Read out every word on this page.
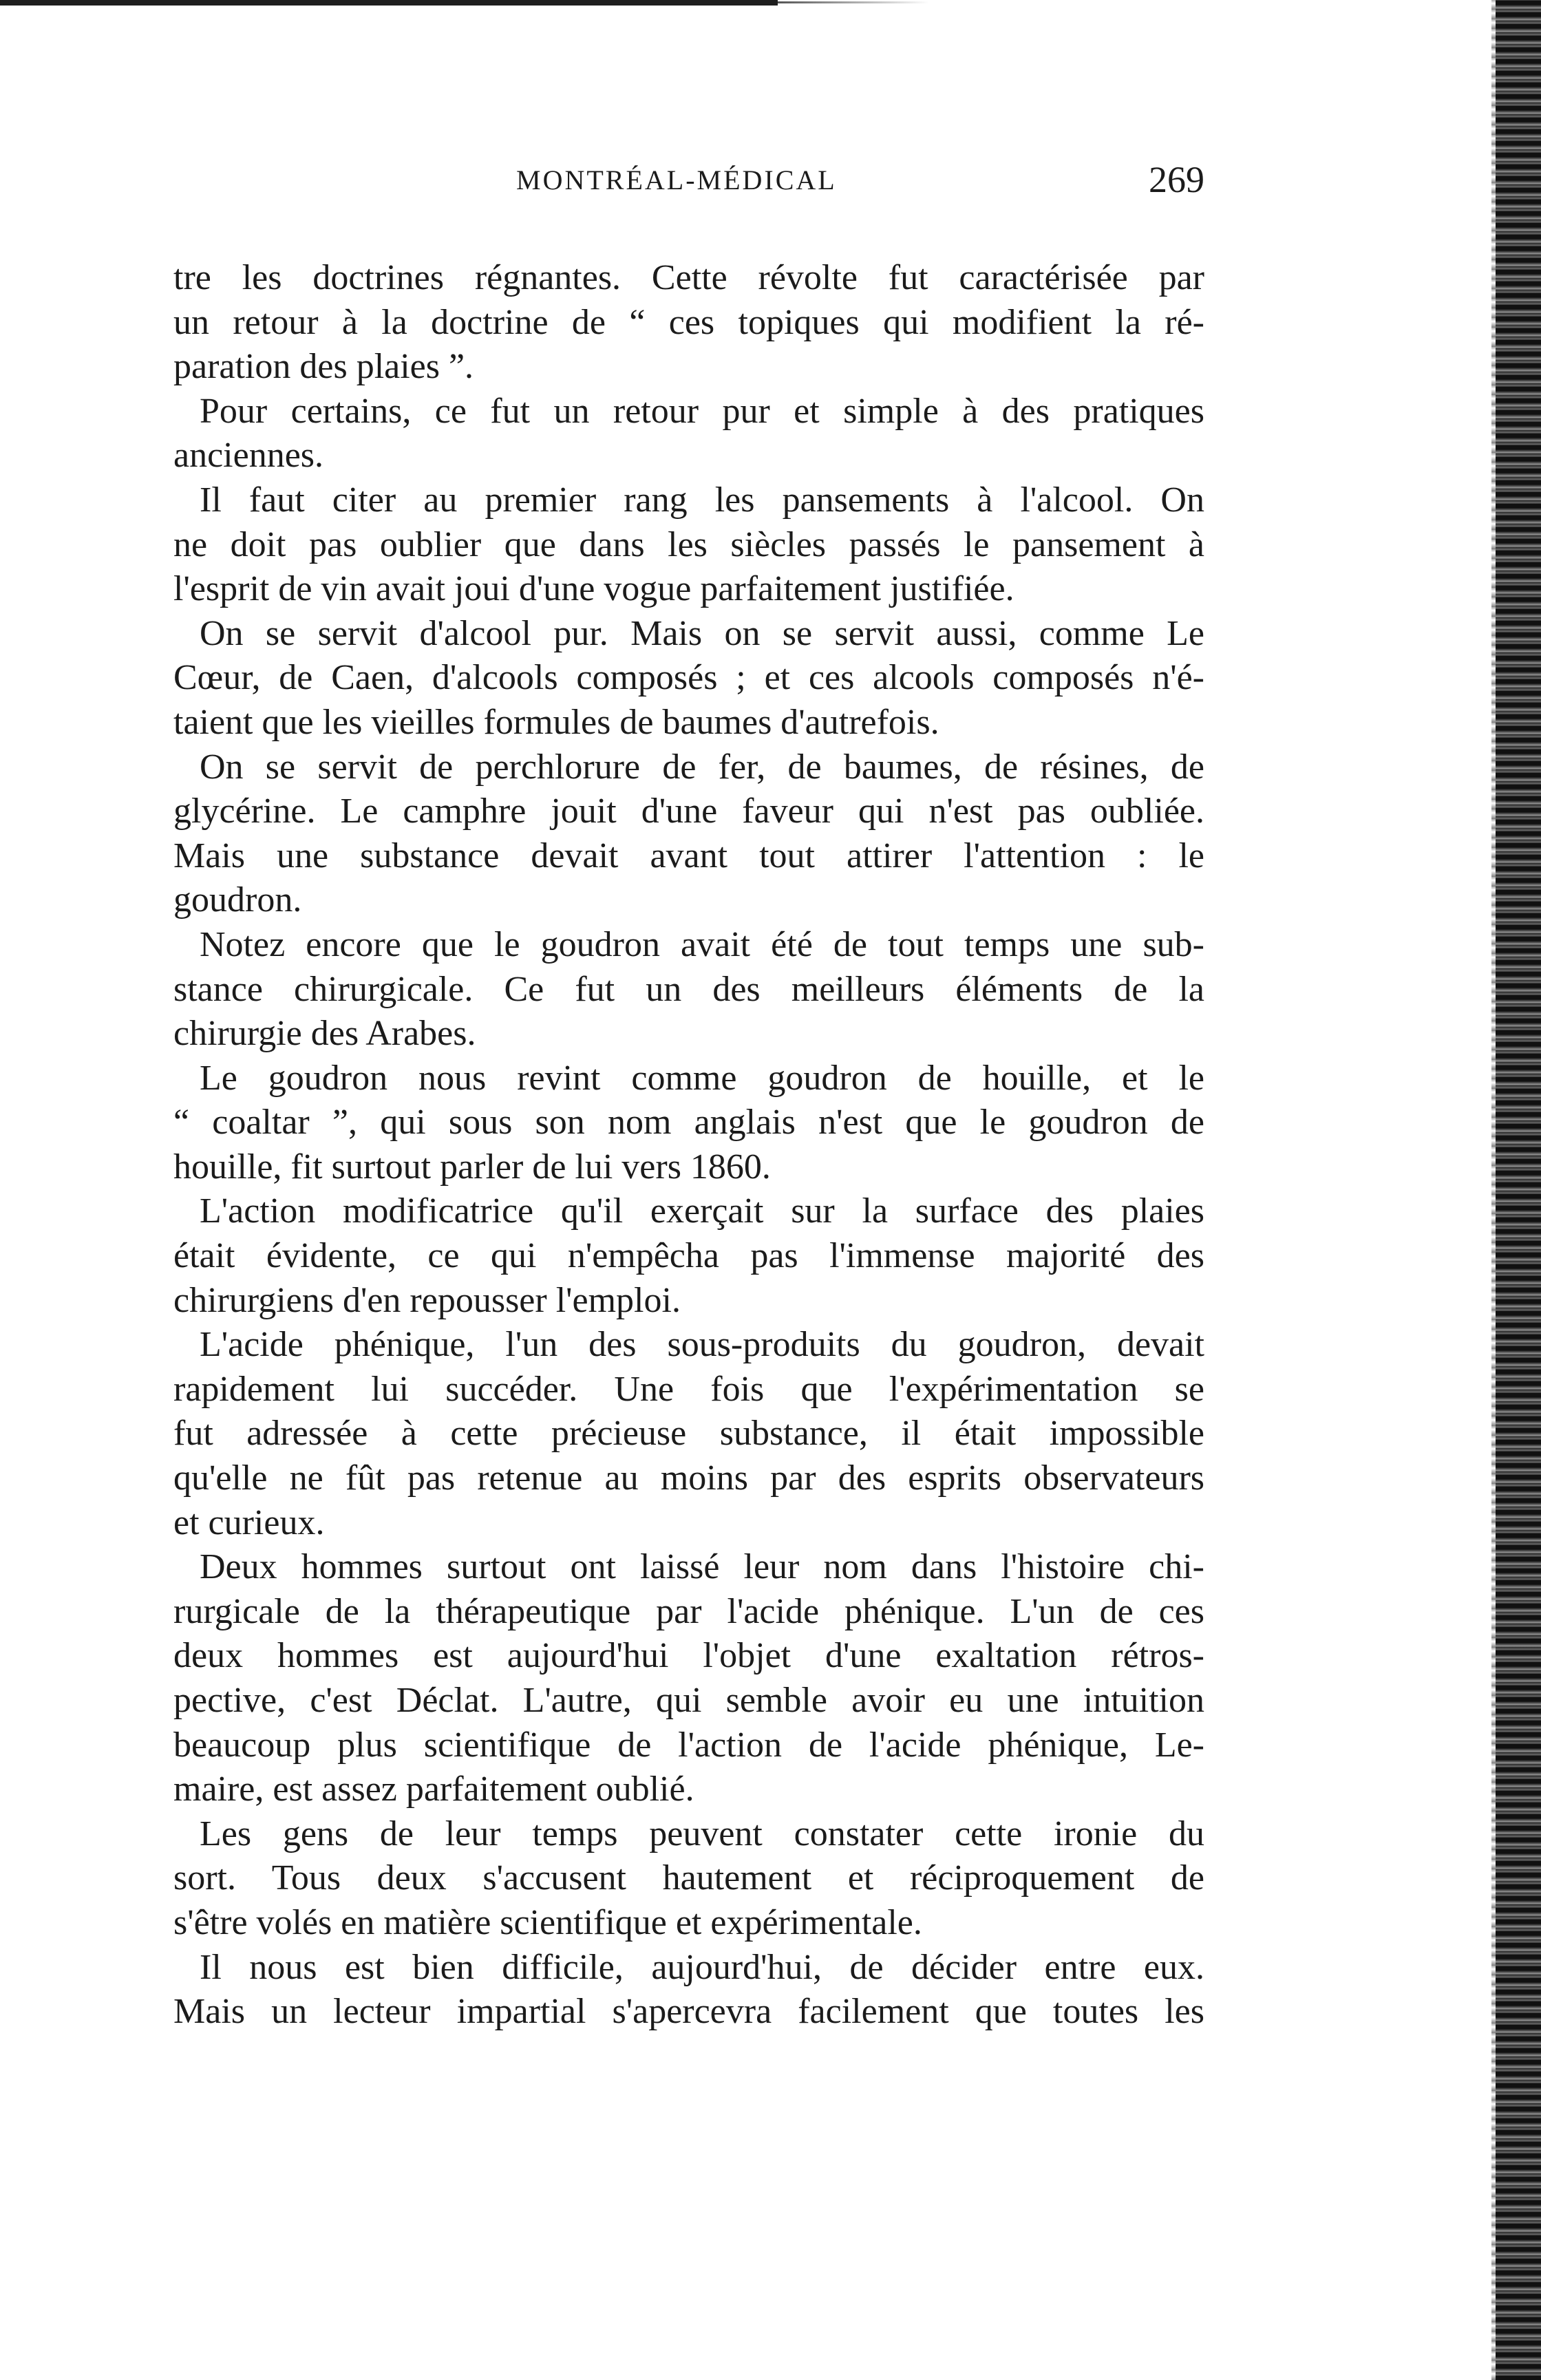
MONTRÉAL-MÉDICAL	269
tre les doctrines régnantes. Cette révolte fut caractérisée par
un retour à la doctrine de “ ces topiques qui modifient la ré-
paration des plaies ”.
Pour certains, ce fut un retour pur et simple à des pratiques
anciennes.
Il faut citer au premier rang les pansements à l'alcool. On
ne doit pas oublier que dans les siècles passés le pansement à
l'esprit de vin avait joui d'une vogue parfaitement justifiée.
On se servit d'alcool pur. Mais on se servit aussi, comme Le
Cœur, de Caen, d'alcools composés ; et ces alcools composés n'é-
taient que les vieilles formules de baumes d'autrefois.
On se servit de perchlorure de fer, de baumes, de résines, de
glycérine. Le camphre jouit d'une faveur qui n'est pas oubliée.
Mais une substance devait avant tout attirer l'attention : le
goudron.
Notez encore que le goudron avait été de tout temps une sub-
stance chirurgicale. Ce fut un des meilleurs éléments de la
chirurgie des Arabes.
Le goudron nous revint comme goudron de houille, et le
“ coaltar ”, qui sous son nom anglais n'est que le goudron de
houille, fit surtout parler de lui vers 1860.
L'action modificatrice qu'il exerçait sur la surface des plaies
était évidente, ce qui n'empêcha pas l'immense majorité des
chirurgiens d'en repousser l'emploi.
L'acide phénique, l'un des sous-produits du goudron, devait
rapidement lui succéder. Une fois que l'expérimentation se
fut adressée à cette précieuse substance, il était impossible
qu'elle ne fût pas retenue au moins par des esprits observateurs
et curieux.
Deux hommes surtout ont laissé leur nom dans l'histoire chi-
rurgicale de la thérapeutique par l'acide phénique. L'un de ces
deux hommes est aujourd'hui l'objet d'une exaltation rétros-
pective, c'est Déclat. L'autre, qui semble avoir eu une intuition
beaucoup plus scientifique de l'action de l'acide phénique, Le-
maire, est assez parfaitement oublié.
Les gens de leur temps peuvent constater cette ironie du
sort. Tous deux s'accusent hautement et réciproquement de
s'être volés en matière scientifique et expérimentale.
Il nous est bien difficile, aujourd'hui, de décider entre eux.
Mais un lecteur impartial s'apercevra facilement que toutes les
